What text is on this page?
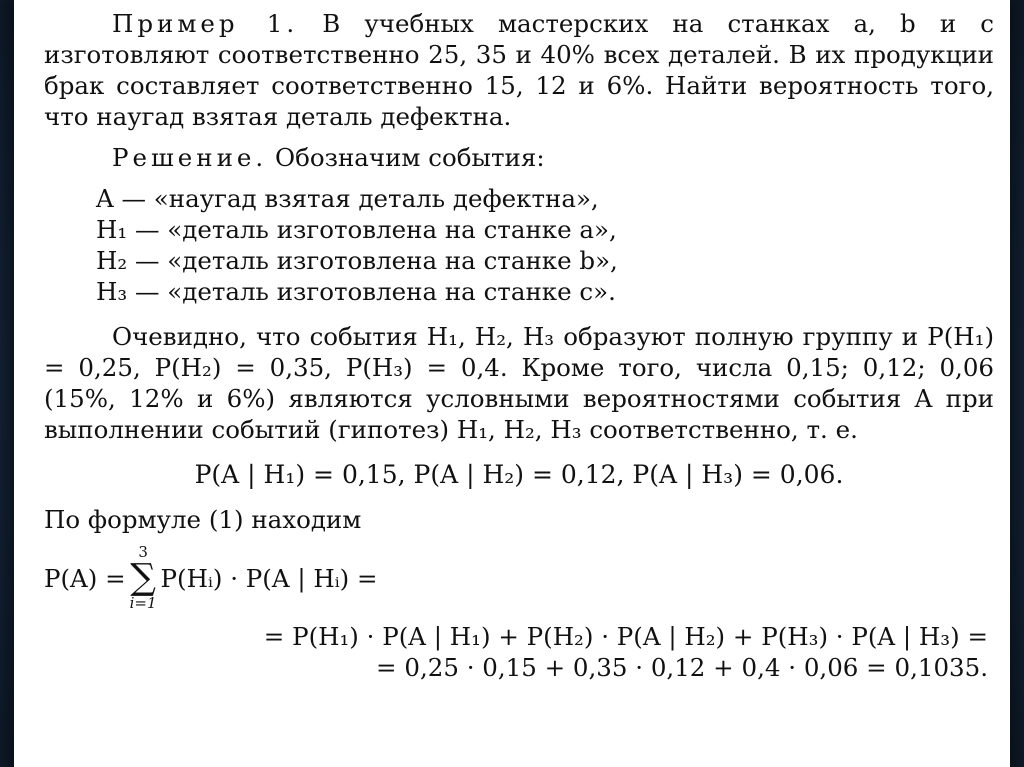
Пример 1. В учебных мастерских на станках a, b и c изготовляют соответственно 25, 35 и 40% всех деталей. В их продукции брак составляет соответственно 15, 12 и 6%. Найти вероятность того, что наугад взятая деталь дефектна.

Решение. Обозначим события:

A — «наугад взятая деталь дефектна»,
H₁ — «деталь изготовлена на станке a»,
H₂ — «деталь изготовлена на станке b»,
H₃ — «деталь изготовлена на станке c».

Очевидно, что события H₁, H₂, H₃ образуют полную группу и P(H₁) = 0,25, P(H₂) = 0,35, P(H₃) = 0,4. Кроме того, числа 0,15; 0,12; 0,06 (15%, 12% и 6%) являются условными вероятностями события A при выполнении событий (гипотез) H₁, H₂, H₃ соответственно, т. е.

P(A | H₁) = 0,15, P(A | H₂) = 0,12, P(A | H₃) = 0,06.

По формуле (1) находим

P(A) =
3
∑
i=1
P(Hᵢ) · P(A | Hᵢ) =
= P(H₁) · P(A | H₁) + P(H₂) · P(A | H₂) + P(H₃) · P(A | H₃) =
= 0,25 · 0,15 + 0,35 · 0,12 + 0,4 · 0,06 = 0,1035.
